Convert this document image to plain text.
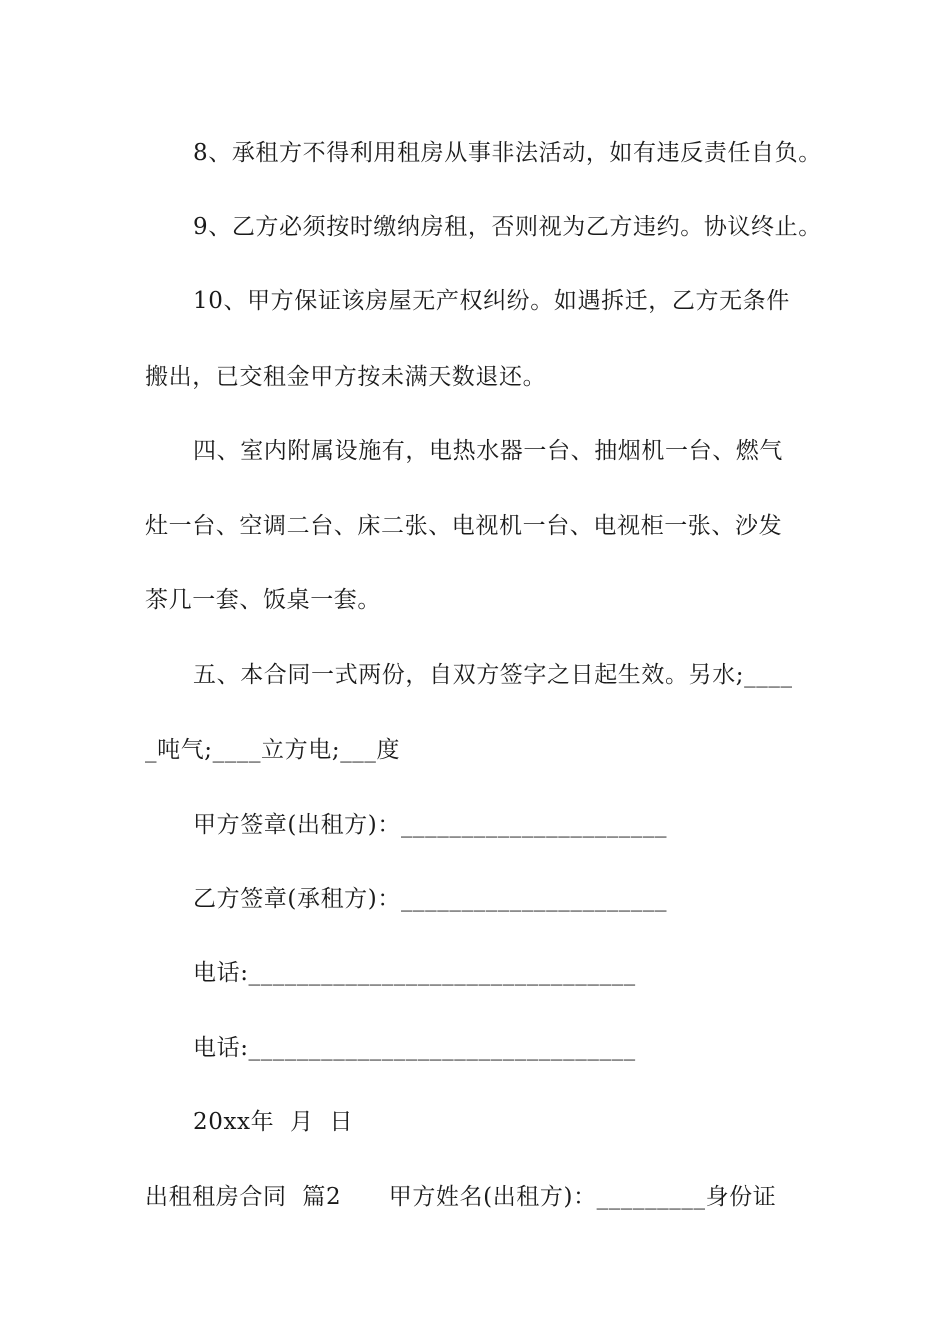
8、承租方不得利用租房从事非法活动，如有违反责任自负。
9、乙方必须按时缴纳房租，否则视为乙方违约。协议终止。
10、甲方保证该房屋无产权纠纷。如遇拆迁，乙方无条件
搬出，已交租金甲方按未满天数退还。
四、室内附属设施有，电热水器一台、抽烟机一台、燃气
灶一台、空调二台、床二张、电视机一台、电视柜一张、沙发
茶几一套、饭桌一套。
五、本合同一式两份，自双方签字之日起生效。另水;____
_吨气;____立方电;___度
甲方签章(出租方)：______________________
乙方签章(承租方)：______________________
电话:________________________________
电话:________________________________
20xx年  月  日
出租租房合同  篇2      甲方姓名(出租方)：_________身份证
